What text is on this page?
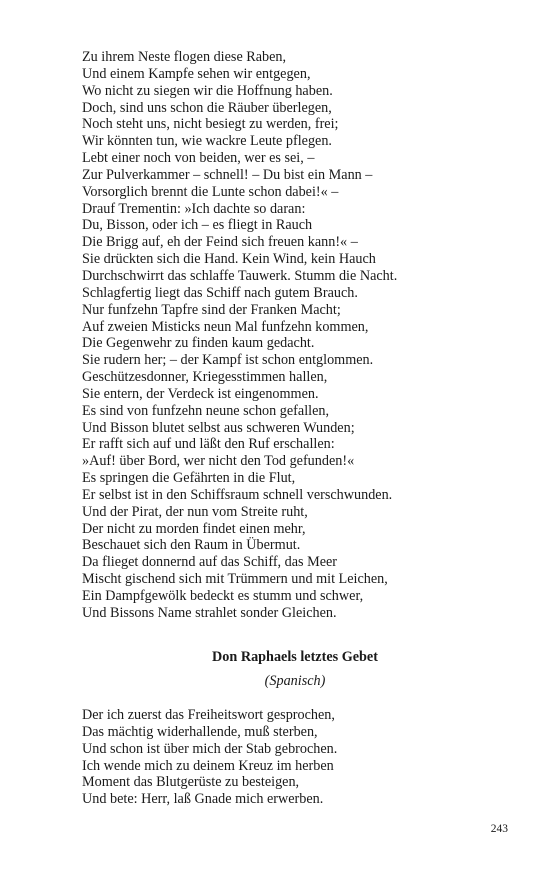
Zu ihrem Neste flogen diese Raben,
Und einem Kampfe sehen wir entgegen,
Wo nicht zu siegen wir die Hoffnung haben.
Doch, sind uns schon die Räuber überlegen,
Noch steht uns, nicht besiegt zu werden, frei;
Wir könnten tun, wie wackre Leute pflegen.
Lebt einer noch von beiden, wer es sei, –
Zur Pulverkammer – schnell! – Du bist ein Mann –
Vorsorglich brennt die Lunte schon dabei!« –
Drauf Trementin: »Ich dachte so daran:
Du, Bisson, oder ich – es fliegt in Rauch
Die Brigg auf, eh der Feind sich freuen kann!« –
Sie drückten sich die Hand. Kein Wind, kein Hauch
Durchschwirrt das schlaffe Tauwerk. Stumm die Nacht.
Schlagfertig liegt das Schiff nach gutem Brauch.
Nur funfzehn Tapfre sind der Franken Macht;
Auf zweien Misticks neun Mal funfzehn kommen,
Die Gegenwehr zu finden kaum gedacht.
Sie rudern her; – der Kampf ist schon entglommen.
Geschützesdonner, Kriegesstimmen hallen,
Sie entern, der Verdeck ist eingenommen.
Es sind von funfzehn neune schon gefallen,
Und Bisson blutet selbst aus schweren Wunden;
Er rafft sich auf und läßt den Ruf erschallen:
»Auf! über Bord, wer nicht den Tod gefunden!«
Es springen die Gefährten in die Flut,
Er selbst ist in den Schiffsraum schnell verschwunden.
Und der Pirat, der nun vom Streite ruht,
Der nicht zu morden findet einen mehr,
Beschauet sich den Raum in Übermut.
Da flieget donnernd auf das Schiff, das Meer
Mischt gischend sich mit Trümmern und mit Leichen,
Ein Dampfgewölk bedeckt es stumm und schwer,
Und Bissons Name strahlet sonder Gleichen.
Don Raphaels letztes Gebet
(Spanisch)
Der ich zuerst das Freiheitswort gesprochen,
Das mächtig widerhallende, muß sterben,
Und schon ist über mich der Stab gebrochen.
Ich wende mich zu deinem Kreuz im herben
Moment das Blutgerüste zu besteigen,
Und bete: Herr, laß Gnade mich erwerben.
243
